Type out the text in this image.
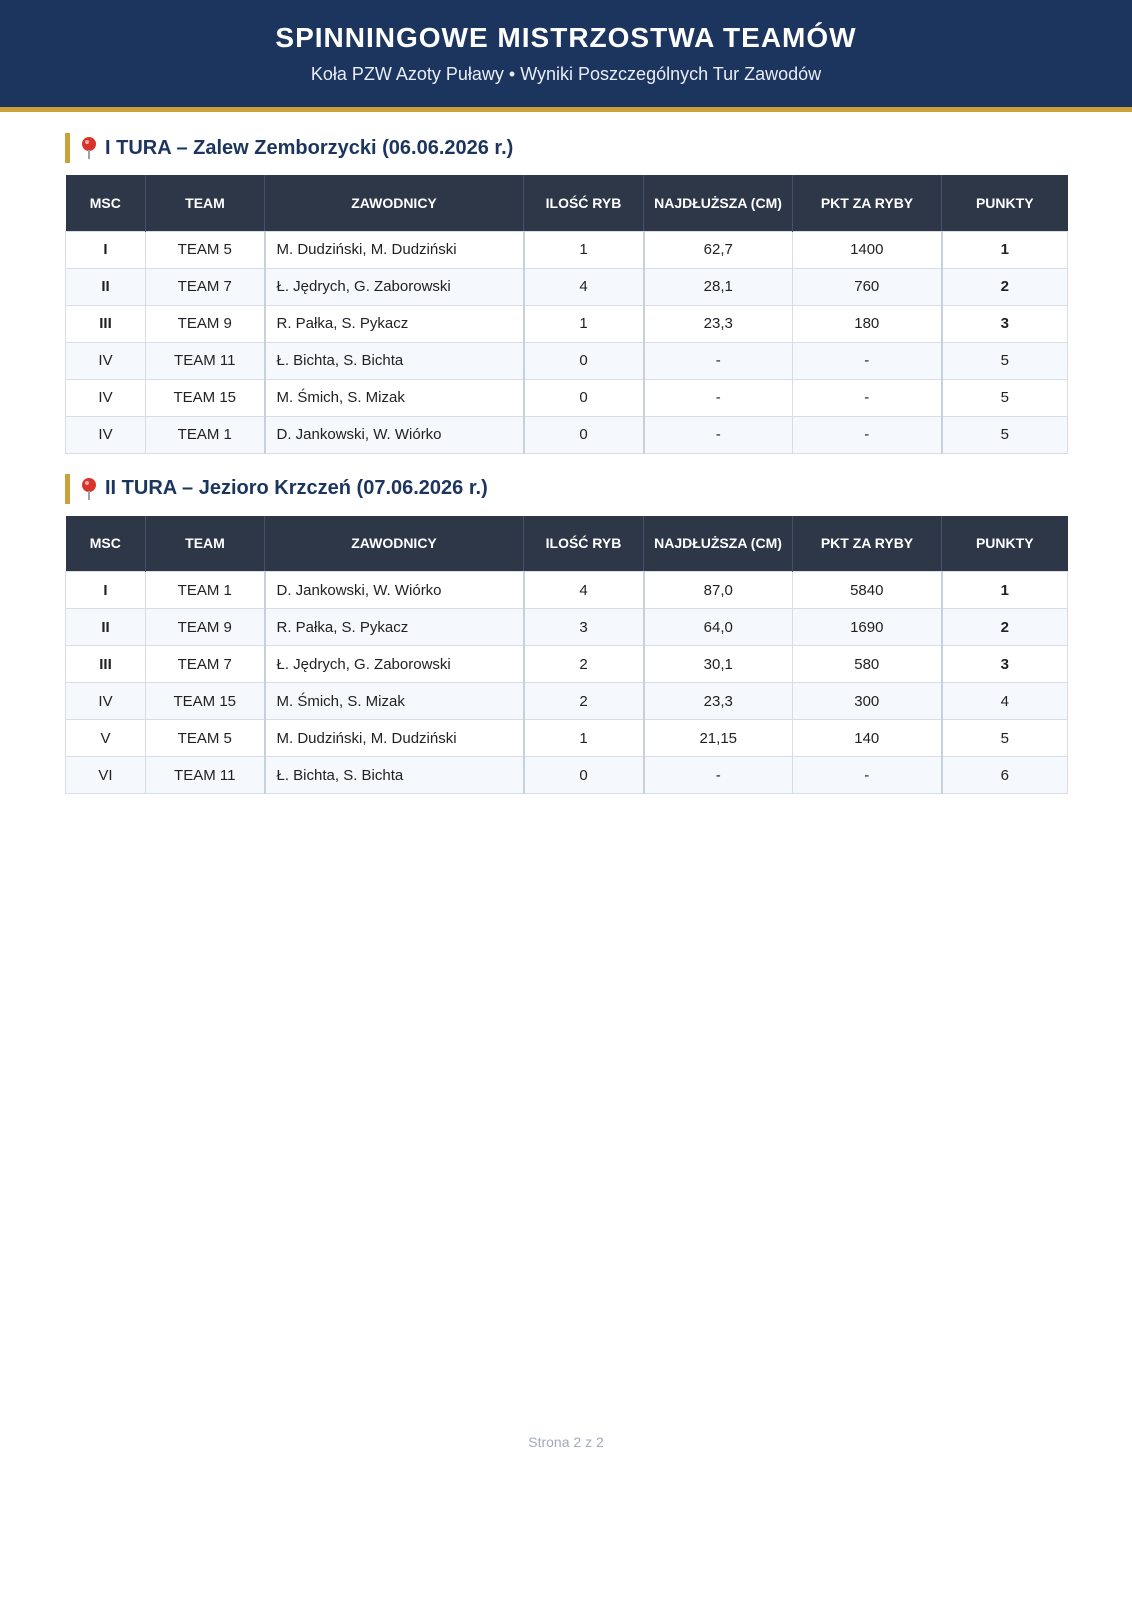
SPINNINGOWE MISTRZOSTWA TEAMÓW
Koła PZW Azoty Puławy • Wyniki Poszczególnych Tur Zawodów
I TURA – Zalew Zemborzycki (06.06.2026 r.)
MSC	TEAM	ZAWODNICY	ILOŚĆ RYB	NAJDŁUŻSZA (CM)	PKT ZA RYBY	PUNKTY
I	TEAM 5	M. Dudziński, M. Dudziński	1	62,7	1400	1
II	TEAM 7	Ł. Jędrych, G. Zaborowski	4	28,1	760	2
III	TEAM 9	R. Pałka, S. Pykacz	1	23,3	180	3
IV	TEAM 11	Ł. Bichta, S. Bichta	0	-	-	5
IV	TEAM 15	M. Śmich, S. Mizak	0	-	-	5
IV	TEAM 1	D. Jankowski, W. Wiórko	0	-	-	5
II TURA – Jezioro Krzczeń (07.06.2026 r.)
MSC	TEAM	ZAWODNICY	ILOŚĆ RYB	NAJDŁUŻSZA (CM)	PKT ZA RYBY	PUNKTY
I	TEAM 1	D. Jankowski, W. Wiórko	4	87,0	5840	1
II	TEAM 9	R. Pałka, S. Pykacz	3	64,0	1690	2
III	TEAM 7	Ł. Jędrych, G. Zaborowski	2	30,1	580	3
IV	TEAM 15	M. Śmich, S. Mizak	2	23,3	300	4
V	TEAM 5	M. Dudziński, M. Dudziński	1	21,15	140	5
VI	TEAM 11	Ł. Bichta, S. Bichta	0	-	-	6
Strona 2 z 2
